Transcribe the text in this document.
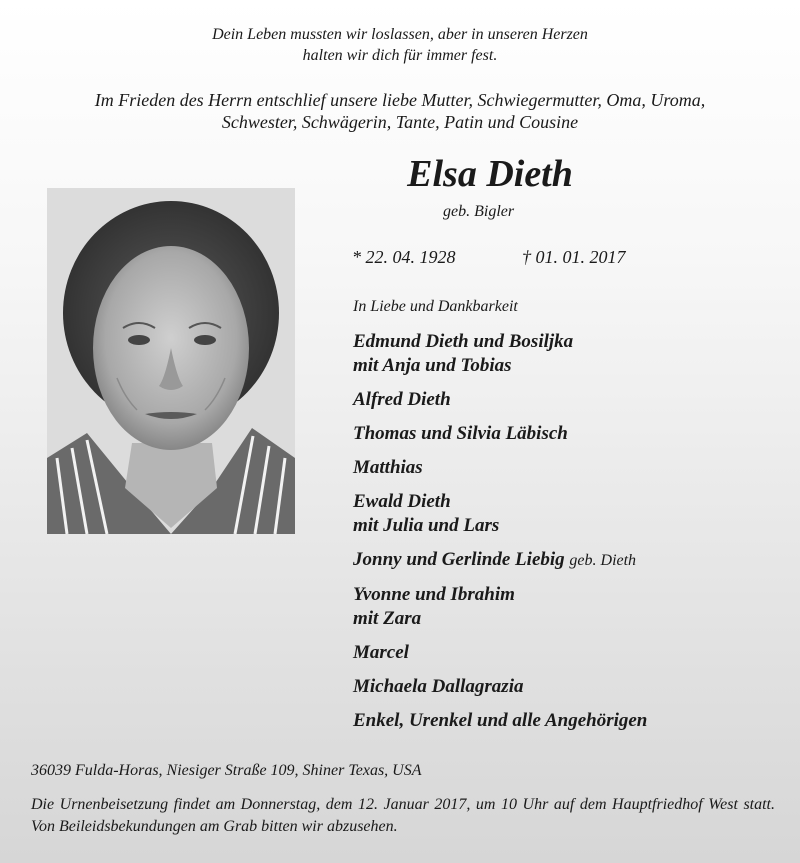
Dein Leben mussten wir loslassen, aber in unseren Herzen
halten wir dich für immer fest.
Im Frieden des Herrn entschlief unsere liebe Mutter, Schwiegermutter, Oma, Uroma,
Schwester, Schwägerin, Tante, Patin und Cousine
Elsa Dieth
geb. Bigler
* 22. 04. 1928	† 01. 01. 2017
In Liebe und Dankbarkeit
Edmund Dieth und Bosiljka
mit Anja und Tobias
Alfred Dieth
Thomas und Silvia Läbisch
Matthias
Ewald Dieth
mit Julia und Lars
Jonny und Gerlinde Liebig geb. Dieth
Yvonne und Ibrahim
mit Zara
Marcel
Michaela Dallagrazia
Enkel, Urenkel und alle Angehörigen
36039 Fulda-Horas, Niesiger Straße 109, Shiner Texas, USA
Die Urnenbeisetzung findet am Donnerstag, dem 12. Januar 2017, um 10 Uhr auf dem Hauptfriedhof West statt. Von Beileidsbekundungen am Grab bitten wir abzusehen.
